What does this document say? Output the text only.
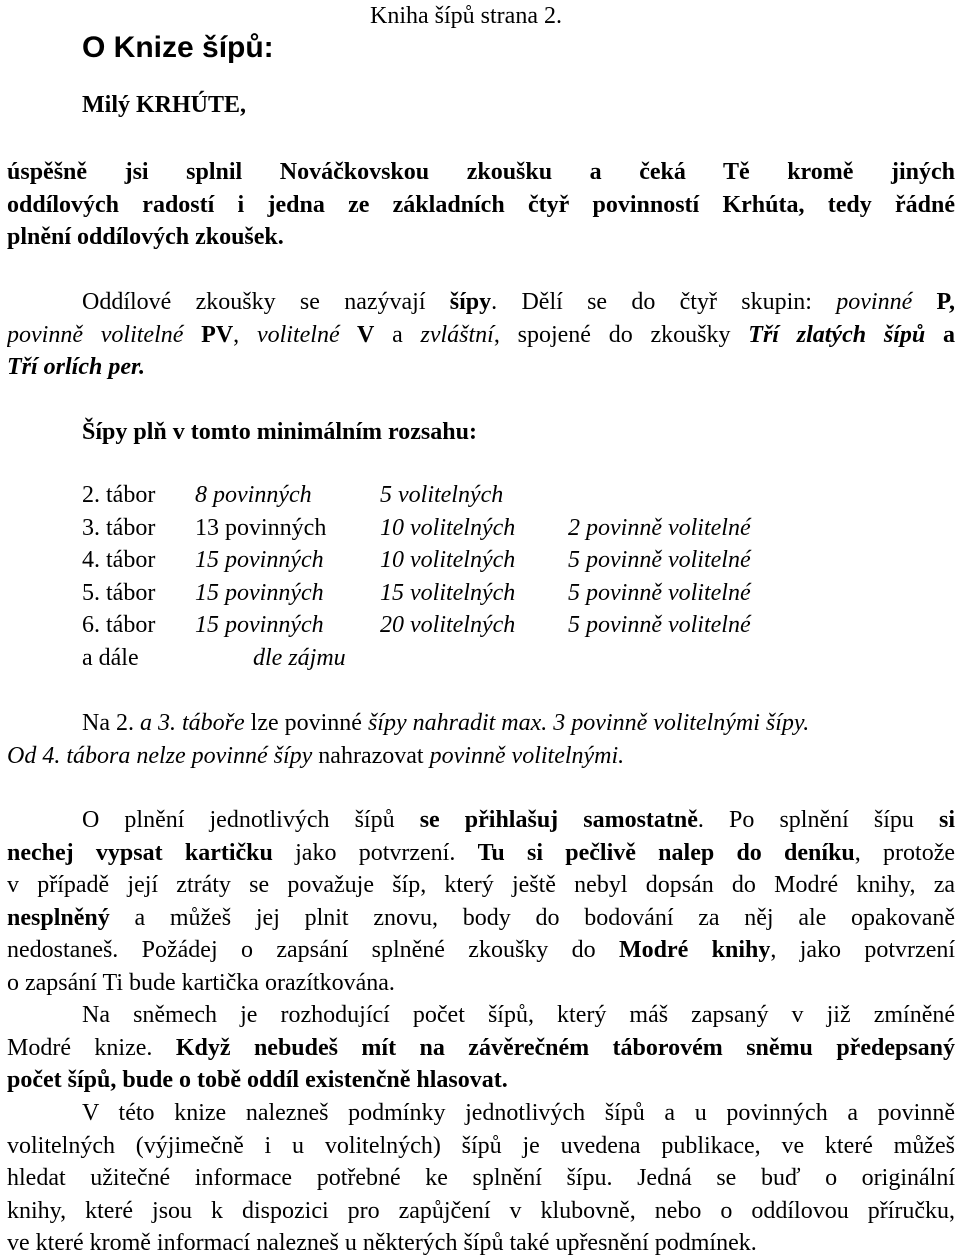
O Knize šípů:
Kniha šípů strana 2.
Milý KRHÚTE,
úspěšně jsi splnil Nováčkovskou zkoušku a čeká Tě kromě jiných
oddílových radostí i jedna ze základních čtyř povinností Krhúta, tedy řádné
plnění oddílových zkoušek.
Oddílové zkoušky se nazývají šípy. Dělí se do čtyř skupin: povinné P,
povinně volitelné PV, volitelné V a zvláštní, spojené do zkoušky Tří zlatých šípů a
Tří orlích per.
Šípy plň v tomto minimálním rozsahu:
2. tábor 8 povinných	5 volitelných
3. tábor 13 povinných 10 volitelných 2 povinně volitelné
4. tábor 15 povinných 10 volitelných 5 povinně volitelné
5. tábor 15 povinných 15 volitelných 5 povinně volitelné
6. tábor 15 povinných 20 volitelných 5 povinně volitelné
a dále	dle zájmu
Na 2. a 3. táboře lze povinné šípy nahradit max. 3 povinně volitelnými šípy.
Od 4. tábora nelze povinné šípy nahrazovat povinně volitelnými.
O plnění jednotlivých šípů se přihlašuj samostatně. Po splnění šípu si
nechej vypsat kartičku jako potvrzení. Tu si pečlivě nalep do deníku, protože
v případě její ztráty se považuje šíp, který ještě nebyl dopsán do Modré knihy, za
nesplněný a můžeš jej plnit znovu, body do bodování za něj ale opakovaně
nedostaneš. Požádej o zapsání splněné zkoušky do Modré knihy, jako potvrzení
o zapsání Ti bude kartička orazítkována.
Na sněmech je rozhodující počet šípů, který máš zapsaný v již zmíněné
Modré knize. Když nebudeš mít na závěrečném táborovém sněmu předepsaný
počet šípů, bude o tobě oddíl existenčně hlasovat.
V této knize nalezneš podmínky jednotlivých šípů a u povinných a povinně
volitelných (výjimečně i u volitelných) šípů je uvedena publikace, ve které můžeš
hledat užitečné informace potřebné ke splnění šípu. Jedná se buď o originální
knihy, které jsou k dispozici pro zapůjčení v klubovně, nebo o oddílovou příručku,
ve které kromě informací nalezneš u některých šípů také upřesnění podmínek.
